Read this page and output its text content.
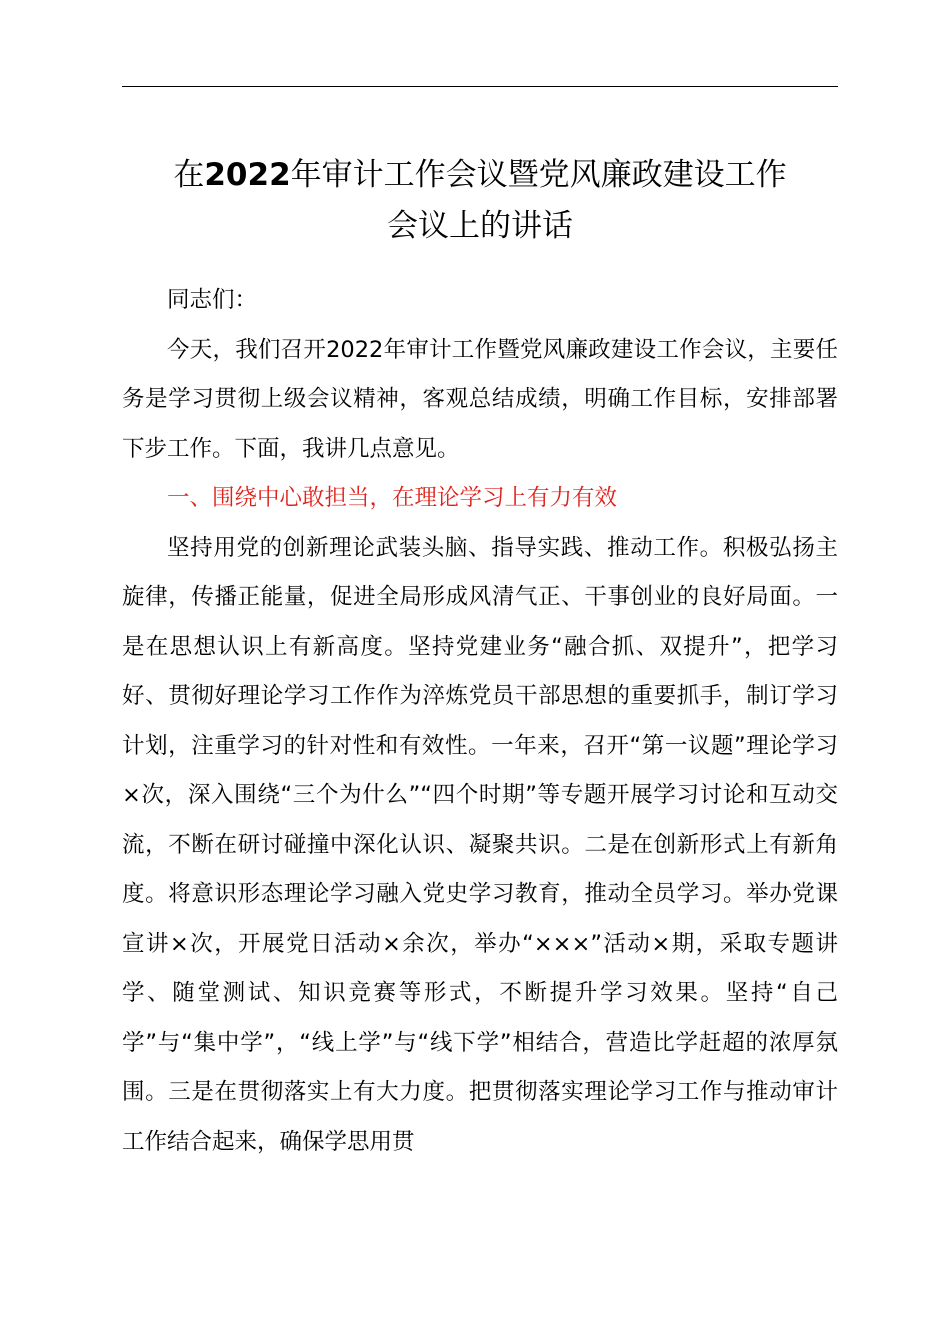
在2022年审计工作会议暨党风廉政建设工作
会议上的讲话

同志们：

今天，我们召开2022年审计工作暨党风廉政建设工作会议，主要任务是学习贯彻上级会议精神，客观总结成绩，明确工作目标，安排部署下步工作。下面，我讲几点意见。

一、围绕中心敢担当，在理论学习上有力有效

坚持用党的创新理论武装头脑、指导实践、推动工作。积极弘扬主旋律，传播正能量，促进全局形成风清气正、干事创业的良好局面。一是在思想认识上有新高度。坚持党建业务“融合抓、双提升”，把学习好、贯彻好理论学习工作作为淬炼党员干部思想的重要抓手，制订学习计划，注重学习的针对性和有效性。一年来，召开“第一议题”理论学习×次，深入围绕“三个为什么”“四个时期”等专题开展学习讨论和互动交流，不断在研讨碰撞中深化认识、凝聚共识。二是在创新形式上有新角度。将意识形态理论学习融入党史学习教育，推动全员学习。举办党课宣讲×次，开展党日活动×余次，举办“×××”活动×期，采取专题讲学、随堂测试、知识竞赛等形式，不断提升学习效果。坚持“自己学”与“集中学”，“线上学”与“线下学”相结合，营造比学赶超的浓厚氛围。三是在贯彻落实上有大力度。把贯彻落实理论学习工作与推动审计工作结合起来，确保学思用贯
